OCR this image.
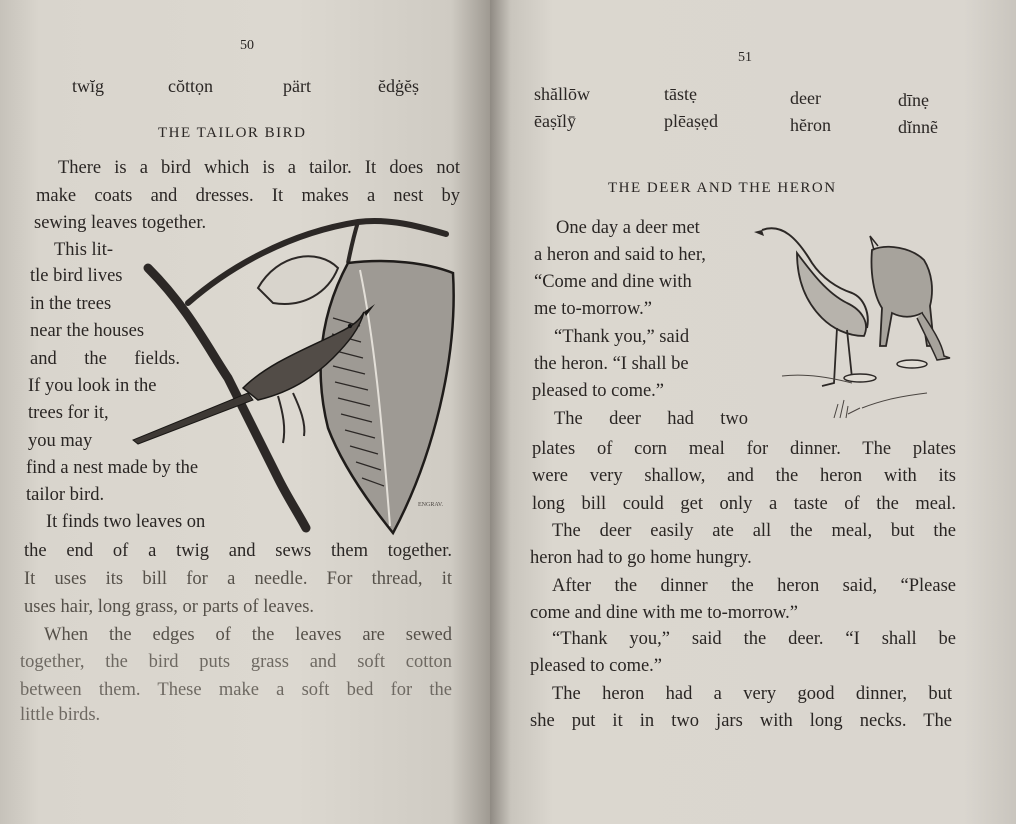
50
twĭg	cŏttọn	pärt	ĕdġĕṣ
THE TAILOR BIRD
There is a bird which is a tailor. It does not
make coats and dresses. It makes a nest by
sewing leaves together.
This lit-
tle bird lives
in the trees
near the houses
and the fields.
If you look in the
trees for it,
you may
find a nest made by the
tailor bird.
It finds two leaves on
the end of a twig and sews them together.
It uses its bill for a needle. For thread, it
uses hair, long grass, or parts of leaves.
When the edges of the leaves are sewed
together, the bird puts grass and soft cotton
between them. These make a soft bed for the
little birds.
ENGRAV.
51
shăllōw	tāstẹ	deer	dīnẹ
ēaṣĭlȳ	plēaṣẹd	hĕron	dĭnnẽ
THE DEER AND THE HERON
One day a deer met
a heron and said to her,
“Come and dine with
me to-morrow.”
“Thank you,” said
the heron. “I shall be
pleased to come.”
The deer had two
plates of corn meal for dinner. The plates
were very shallow, and the heron with its
long bill could get only a taste of the meal.
The deer easily ate all the meal, but the
heron had to go home hungry.
After the dinner the heron said, “Please
come and dine with me to-morrow.”
“Thank you,” said the deer. “I shall be
pleased to come.”
The heron had a very good dinner, but
she put it in two jars with long necks. The
